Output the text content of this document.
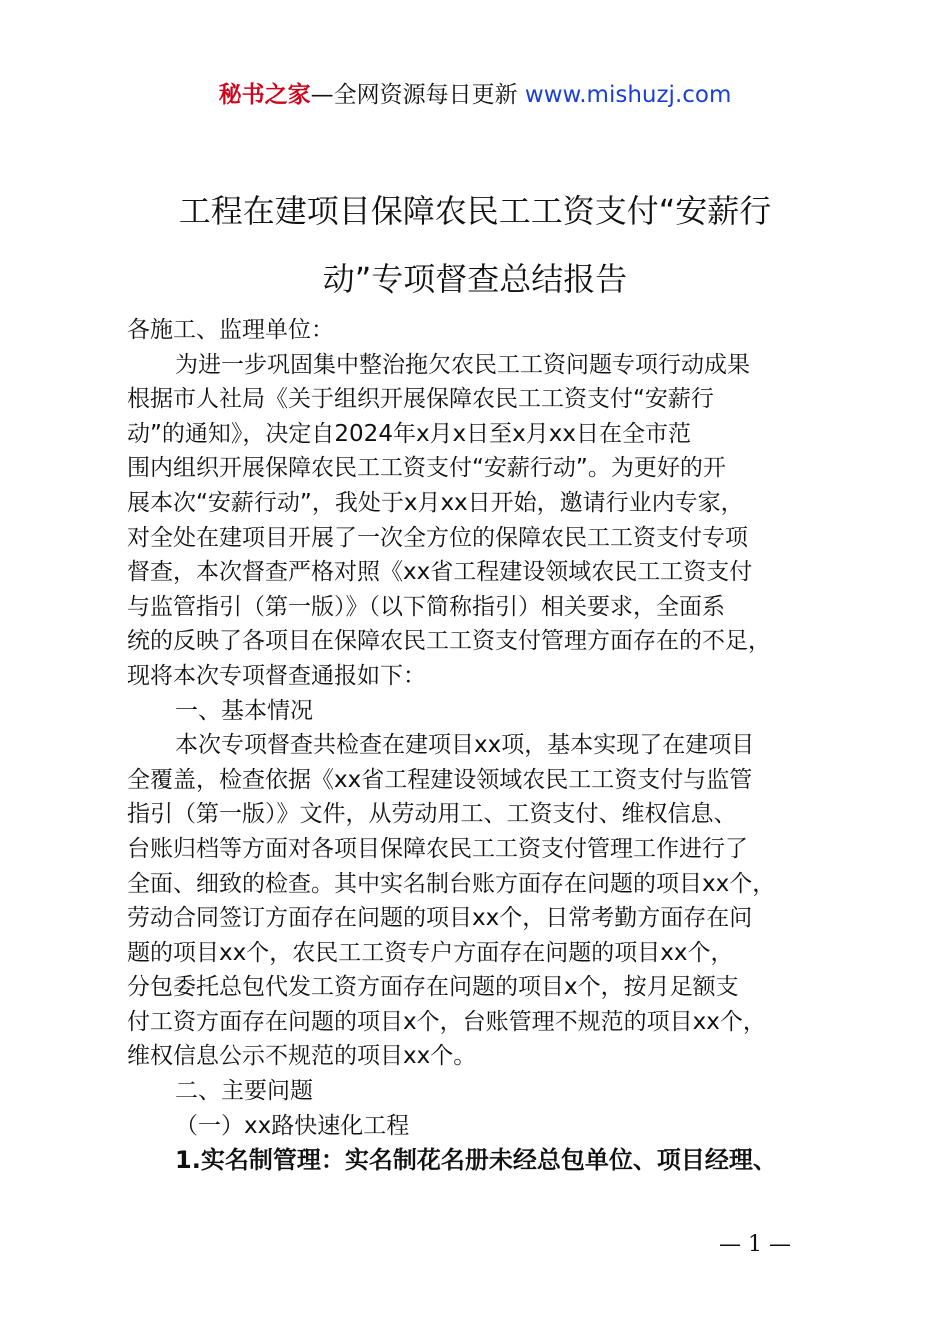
秘书之家—全网资源每日更新 www.mishuzj.com
工程在建项目保障农民工工资支付“安薪行
动”专项督查总结报告
各施工、监理单位：
为进一步巩固集中整治拖欠农民工工资问题专项行动成果
根据市人社局《关于组织开展保障农民工工资支付“安薪行
动”的通知》，决定自2024年x月x日至x月xx日在全市范
围内组织开展保障农民工工资支付“安薪行动”。为更好的开
展本次“安薪行动”，我处于x月xx日开始，邀请行业内专家，
对全处在建项目开展了一次全方位的保障农民工工资支付专项
督查，本次督查严格对照《xx省工程建设领域农民工工资支付
与监管指引（第一版）》（以下简称指引）相关要求，全面系
统的反映了各项目在保障农民工工资支付管理方面存在的不足，
现将本次专项督查通报如下：
一、基本情况
本次专项督查共检查在建项目xx项，基本实现了在建项目
全覆盖，检查依据《xx省工程建设领域农民工工资支付与监管
指引（第一版）》文件，从劳动用工、工资支付、维权信息、
台账归档等方面对各项目保障农民工工资支付管理工作进行了
全面、细致的检查。其中实名制台账方面存在问题的项目xx个，
劳动合同签订方面存在问题的项目xx个，日常考勤方面存在问
题的项目xx个，农民工工资专户方面存在问题的项目xx个，
分包委托总包代发工资方面存在问题的项目x个，按月足额支
付工资方面存在问题的项目x个，台账管理不规范的项目xx个，
维权信息公示不规范的项目xx个。
二、主要问题
（一）xx路快速化工程
1.实名制管理：实名制花名册未经总包单位、项目经理、
— 1 —
